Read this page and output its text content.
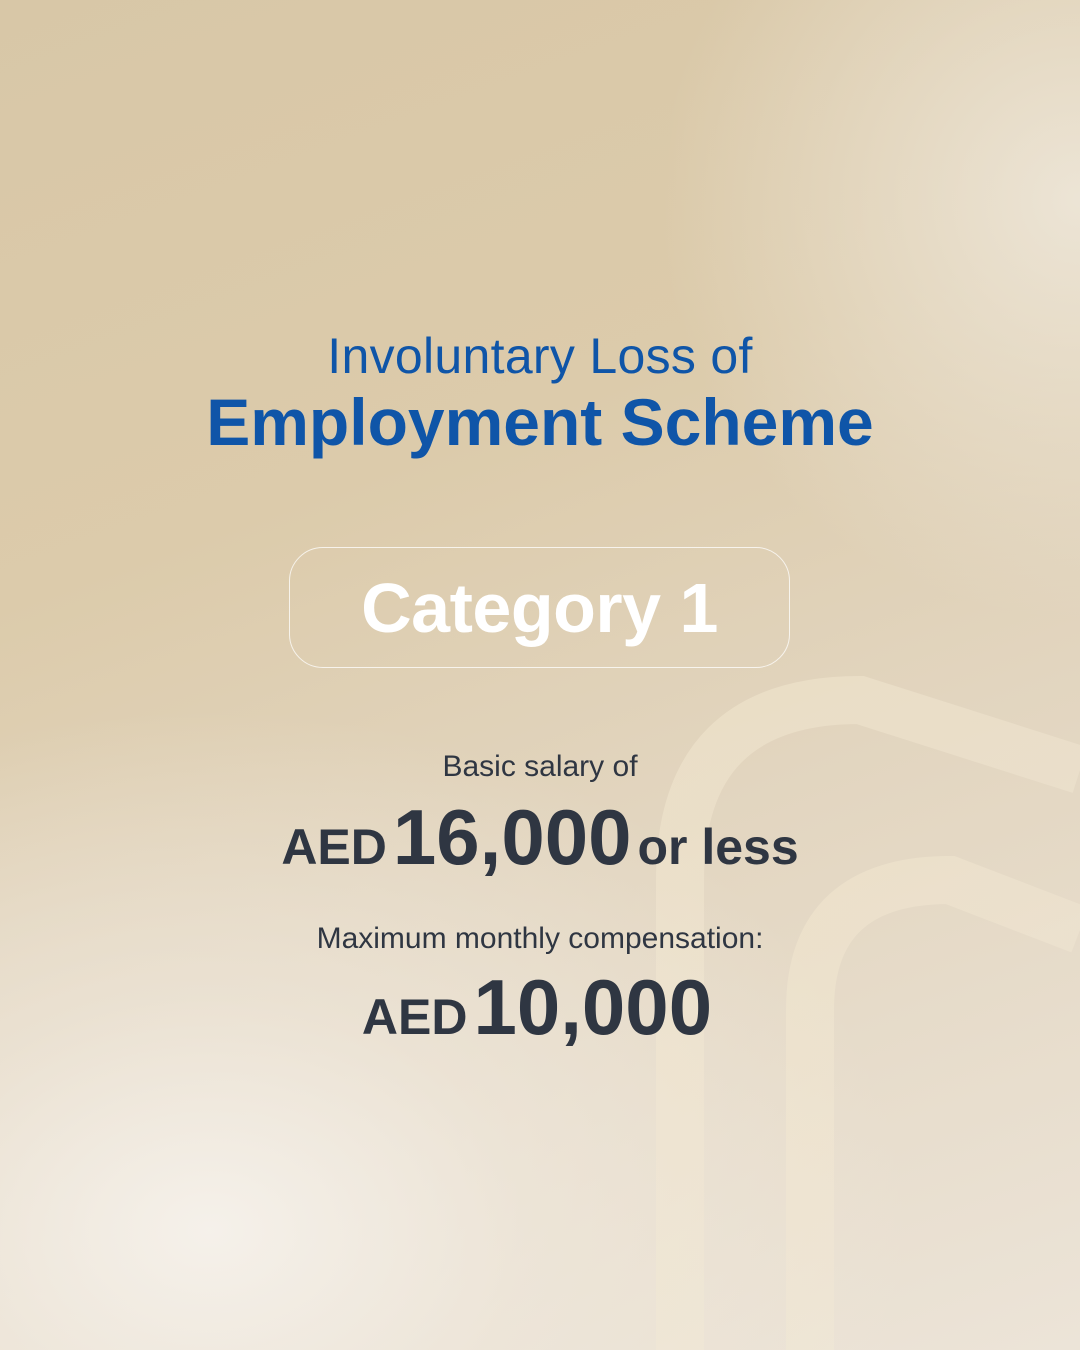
Involuntary Loss of
Employment Scheme
Category 1
Basic salary of
AED16,000 or less
Maximum monthly compensation:
AED10,000
